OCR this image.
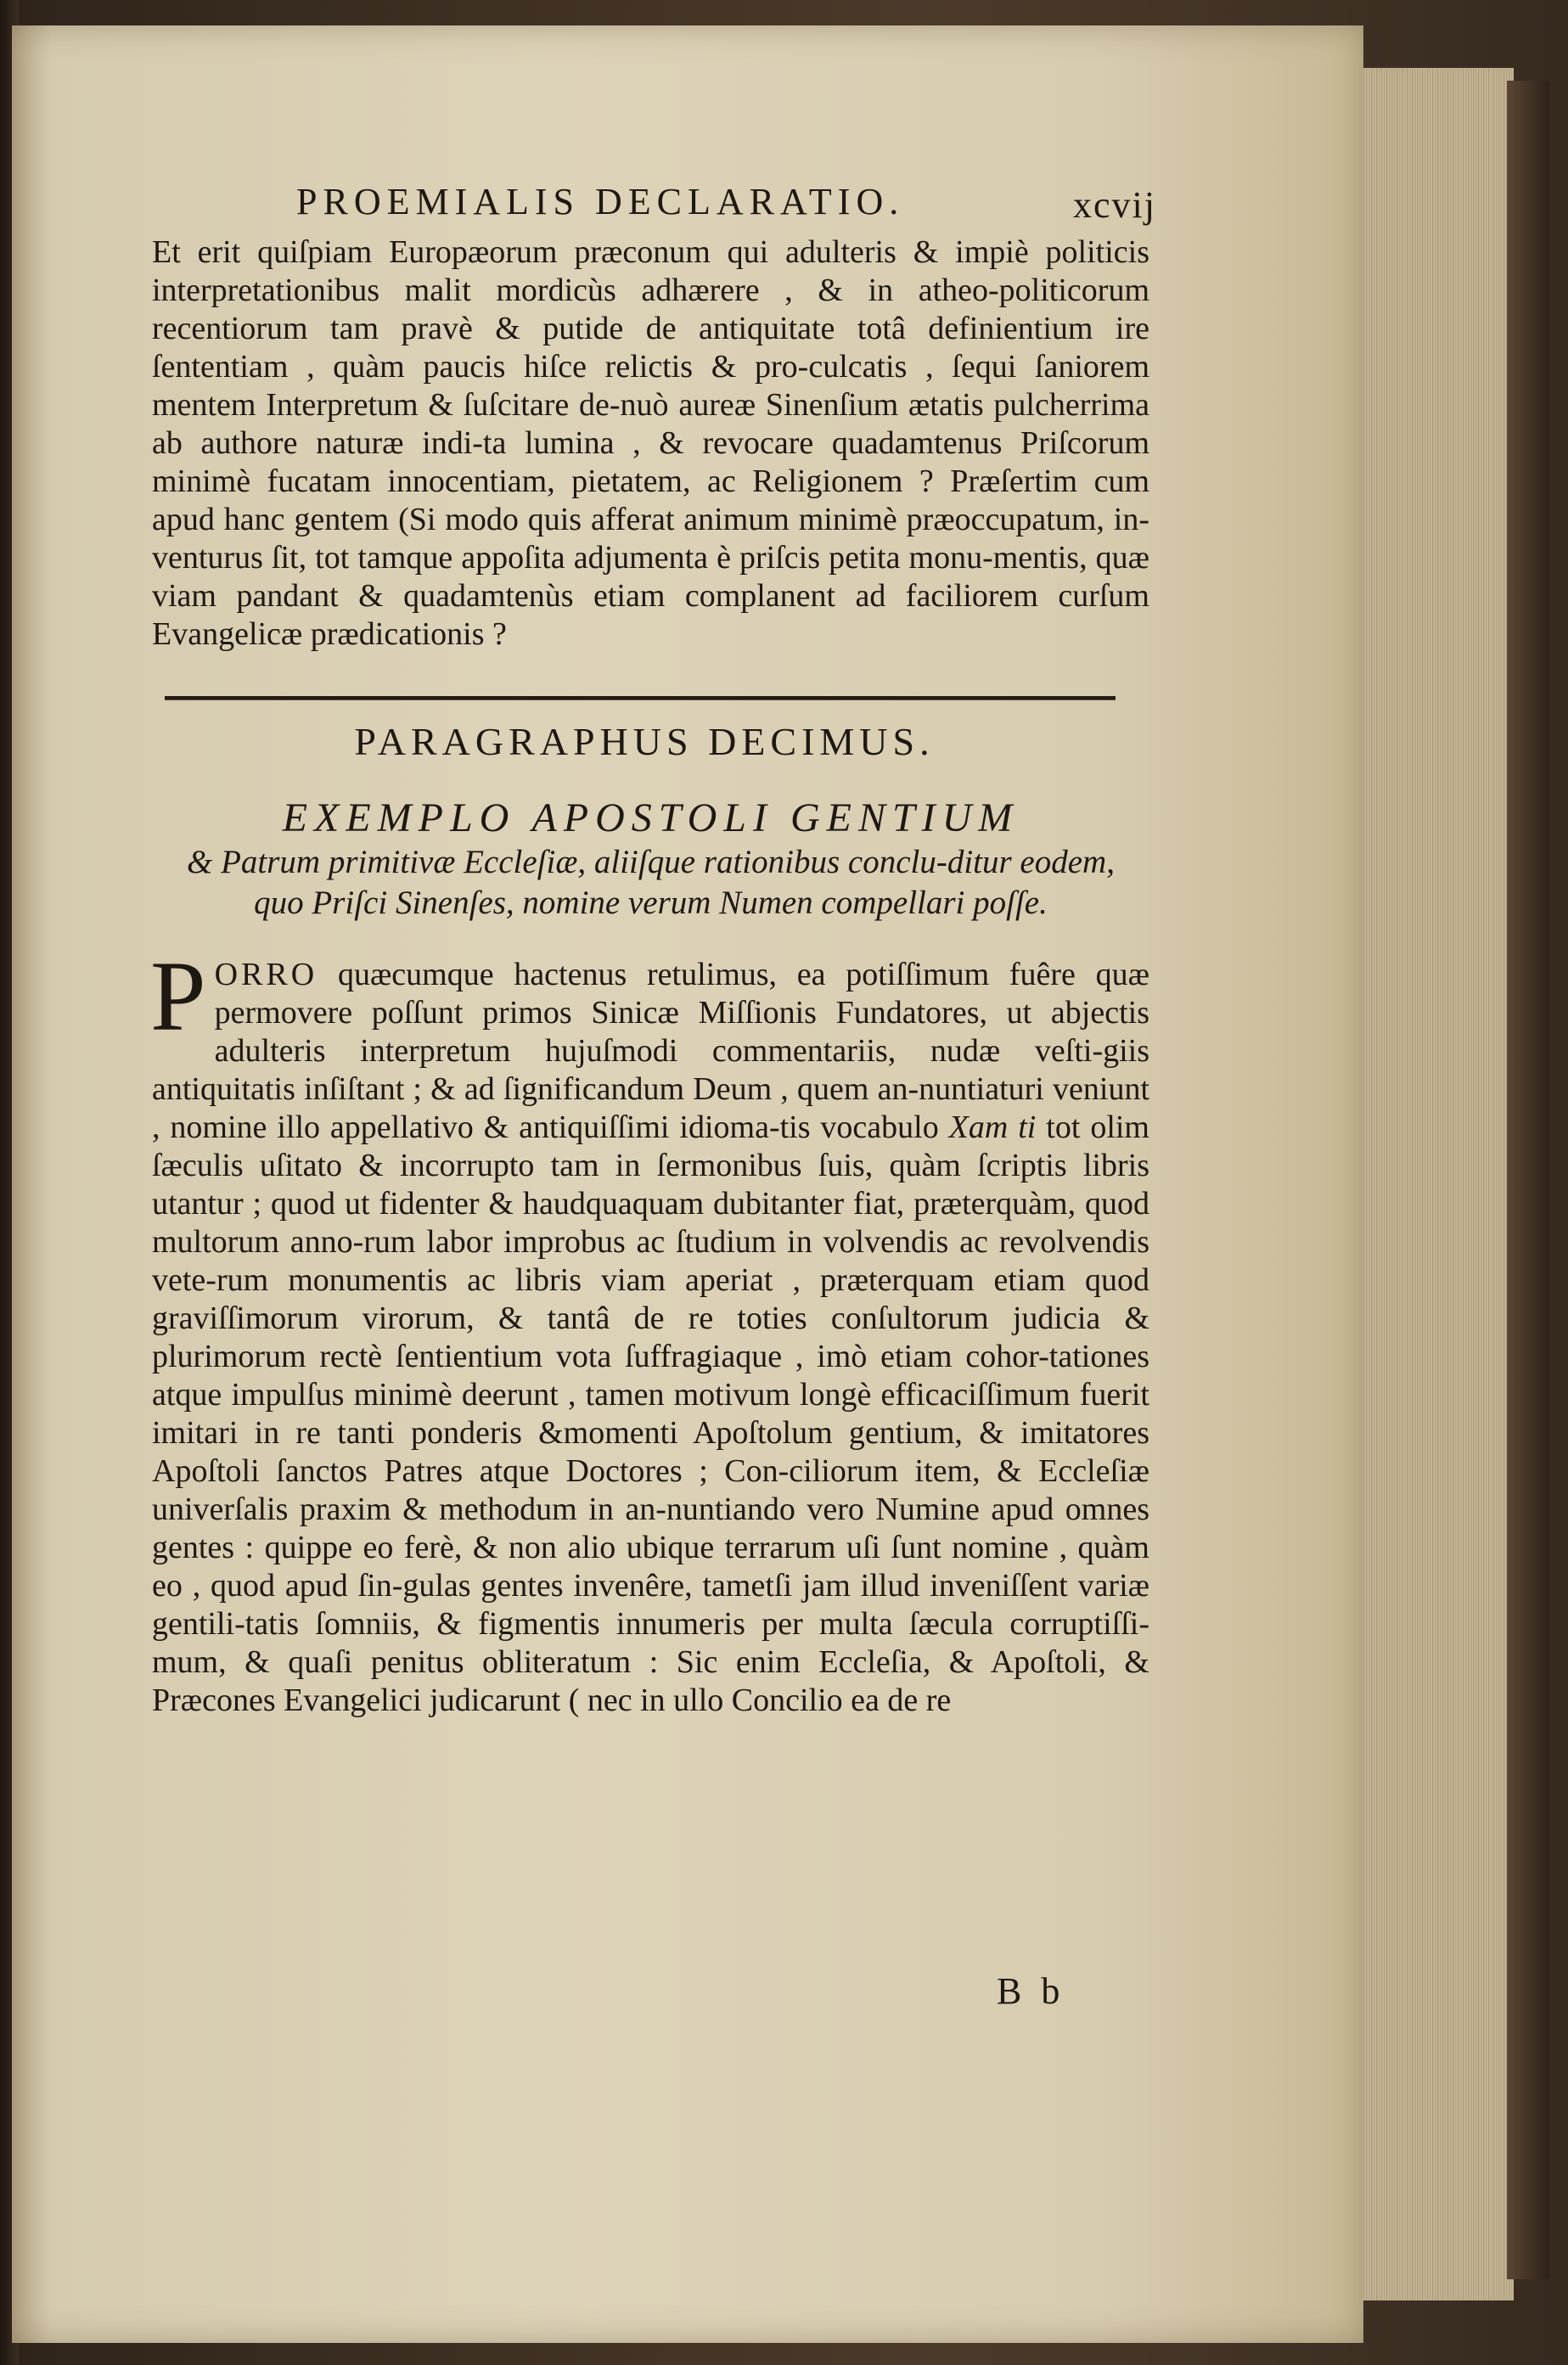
PROEMIALIS DECLARATIO.	xcvij

Et erit quiſpiam Europæorum præconum qui adulteris & impiè politicis interpretationibus malit mordicùs adhærere , & in atheo-politicorum recentiorum tam pravè & putide de antiquitate totâ definientium ire ſententiam , quàm paucis hiſce relictis & pro-culcatis , ſequi ſaniorem mentem Interpretum & ſuſcitare de-nuò aureæ Sinenſium ætatis pulcherrima ab authore naturæ indi-ta lumina , & revocare quadamtenus Priſcorum minimè fucatam innocentiam, pietatem, ac Religionem ? Præſertim cum apud hanc gentem (Si modo quis afferat animum minimè præoccupatum, in-venturus ſit, tot tamque appoſita adjumenta è priſcis petita monu-mentis, quæ viam pandant & quadamtenùs etiam complanent ad faciliorem curſum Evangelicæ prædicationis ?

PARAGRAPHUS DECIMUS.
EXEMPLO APOSTOLI GENTIUM
& Patrum primitivæ Eccleſiæ, aliiſque rationibus conclu-ditur eodem, quo Priſci Sinenſes, nomine verum Numen compellari poſſe.

PORRO quæcumque hactenus retulimus, ea potiſſimum fuêre quæ permovere poſſunt primos Sinicæ Miſſionis Fundatores, ut abjectis adulteris interpretum hujuſmodi commentariis, nudæ veſti-giis antiquitatis inſiſtant ; & ad ſignificandum Deum , quem an-nuntiaturi veniunt , nomine illo appellativo & antiquiſſimi idioma-tis vocabulo Xam ti tot olim ſæculis uſitato & incorrupto tam in ſermonibus ſuis, quàm ſcriptis libris utantur ; quod ut fidenter & haudquaquam dubitanter fiat, præterquàm, quod multorum anno-rum labor improbus ac ſtudium in volvendis ac revolvendis vete-rum monumentis ac libris viam aperiat , præterquam etiam quod graviſſimorum virorum, & tantâ de re toties conſultorum judicia & plurimorum rectè ſentientium vota ſuffragiaque , imò etiam cohor-tationes atque impulſus minimè deerunt , tamen motivum longè efficaciſſimum fuerit imitari in re tanti ponderis &momenti Apoſtolum gentium, & imitatores Apoſtoli ſanctos Patres atque Doctores ; Con-ciliorum item, & Eccleſiæ univerſalis praxim & methodum in an-nuntiando vero Numine apud omnes gentes : quippe eo ferè, & non alio ubique terrarum uſi ſunt nomine , quàm eo , quod apud ſin-gulas gentes invenêre, tametſi jam illud inveniſſent variæ gentili-tatis ſomniis, & figmentis innumeris per multa ſæcula corruptiſſi-mum, & quaſi penitus obliteratum : Sic enim Eccleſia, & Apoſtoli, & Præcones Evangelici judicarunt ( nec in ullo Concilio ea de re

B b
